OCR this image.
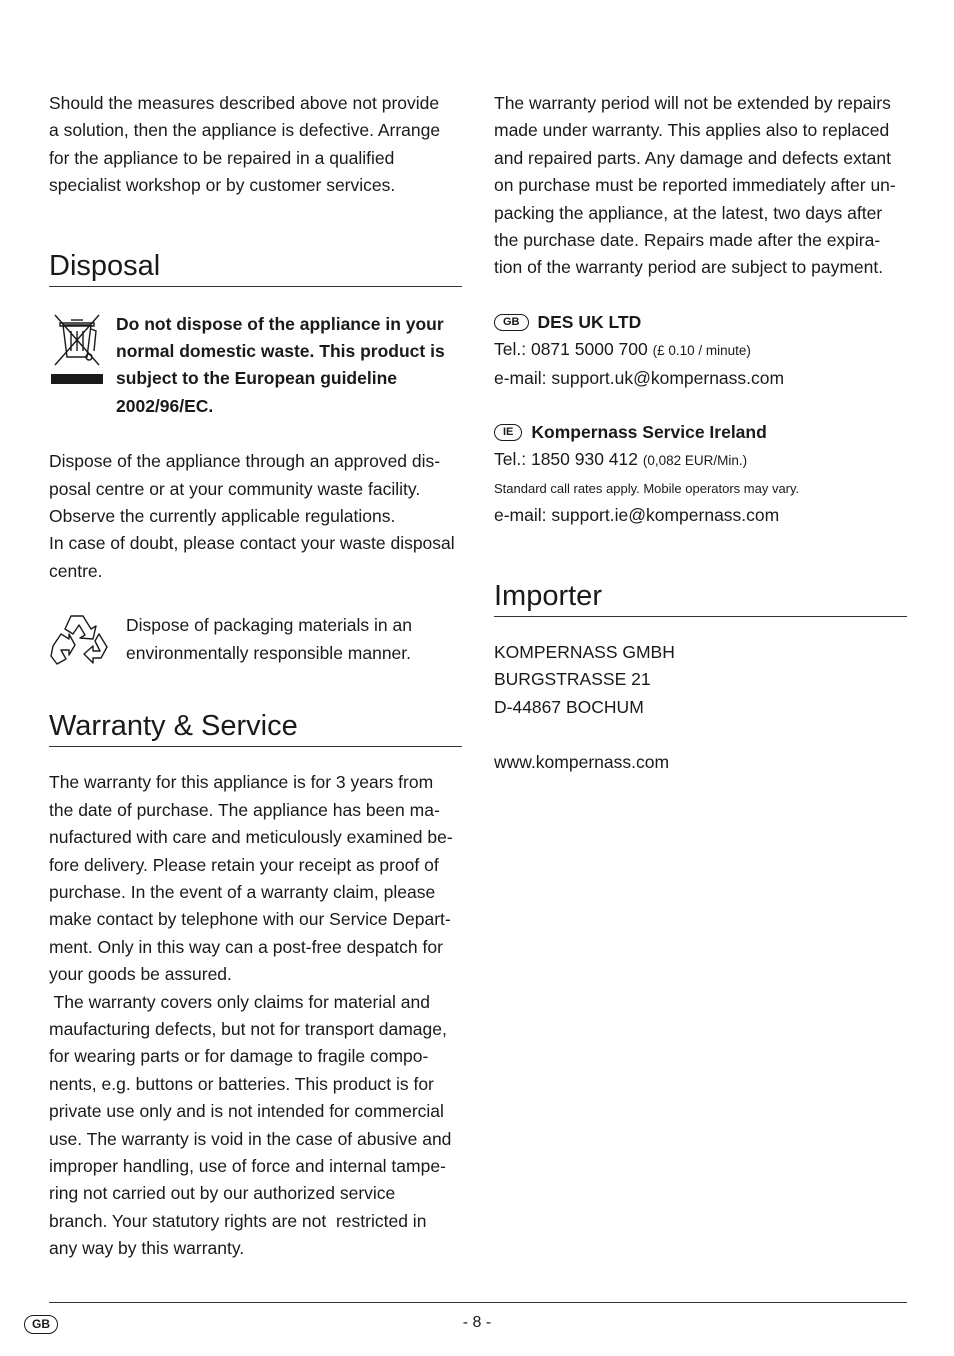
Should the measures described above not provide
a solution, then the appliance is defective. Arrange
for the appliance to be repaired in a qualified
specialist workshop or by customer services.

Disposal

Do not dispose of the appliance in your
normal domestic waste. This product is
subject to the European guideline
2002/96/EC.

Dispose of the appliance through an approved dis-
posal centre or at your community waste facility.
Observe the currently applicable regulations.
In case of doubt, please contact your waste disposal
centre.

Dispose of packaging materials in an
environmentally responsible manner.

Warranty & Service

The warranty for this appliance is for 3 years from
the date of purchase. The appliance has been ma-
nufactured with care and meticulously examined be-
fore delivery. Please retain your receipt as proof of
purchase. In the event of a warranty claim, please
make contact by telephone with our Service Depart-
ment. Only in this way can a post-free despatch for
your goods be assured.
The warranty covers only claims for material and
maufacturing defects, but not for transport damage,
for wearing parts or for damage to fragile compo-
nents, e.g. buttons or batteries. This product is for
private use only and is not intended for commercial
use. The warranty is void in the case of abusive and
improper handling, use of force and internal tampe-
ring not carried out by our authorized service
branch. Your statutory rights are not  restricted in
any way by this warranty.

The warranty period will not be extended by repairs
made under warranty. This applies also to replaced
and repaired parts. Any damage and defects extant
on purchase must be reported immediately after un-
packing the appliance, at the latest, two days after
the purchase date. Repairs made after the expira-
tion of the warranty period are subject to payment.

GB DES UK LTD
Tel.: 0871 5000 700 (£ 0.10 / minute)
e-mail: support.uk@kompernass.com

IE Kompernass Service Ireland
Tel.: 1850 930 412 (0,082 EUR/Min.)
Standard call rates apply. Mobile operators may vary.
e-mail: support.ie@kompernass.com

Importer

KOMPERNASS GMBH
BURGSTRASSE 21
D-44867 BOCHUM

www.kompernass.com

GB	- 8 -
